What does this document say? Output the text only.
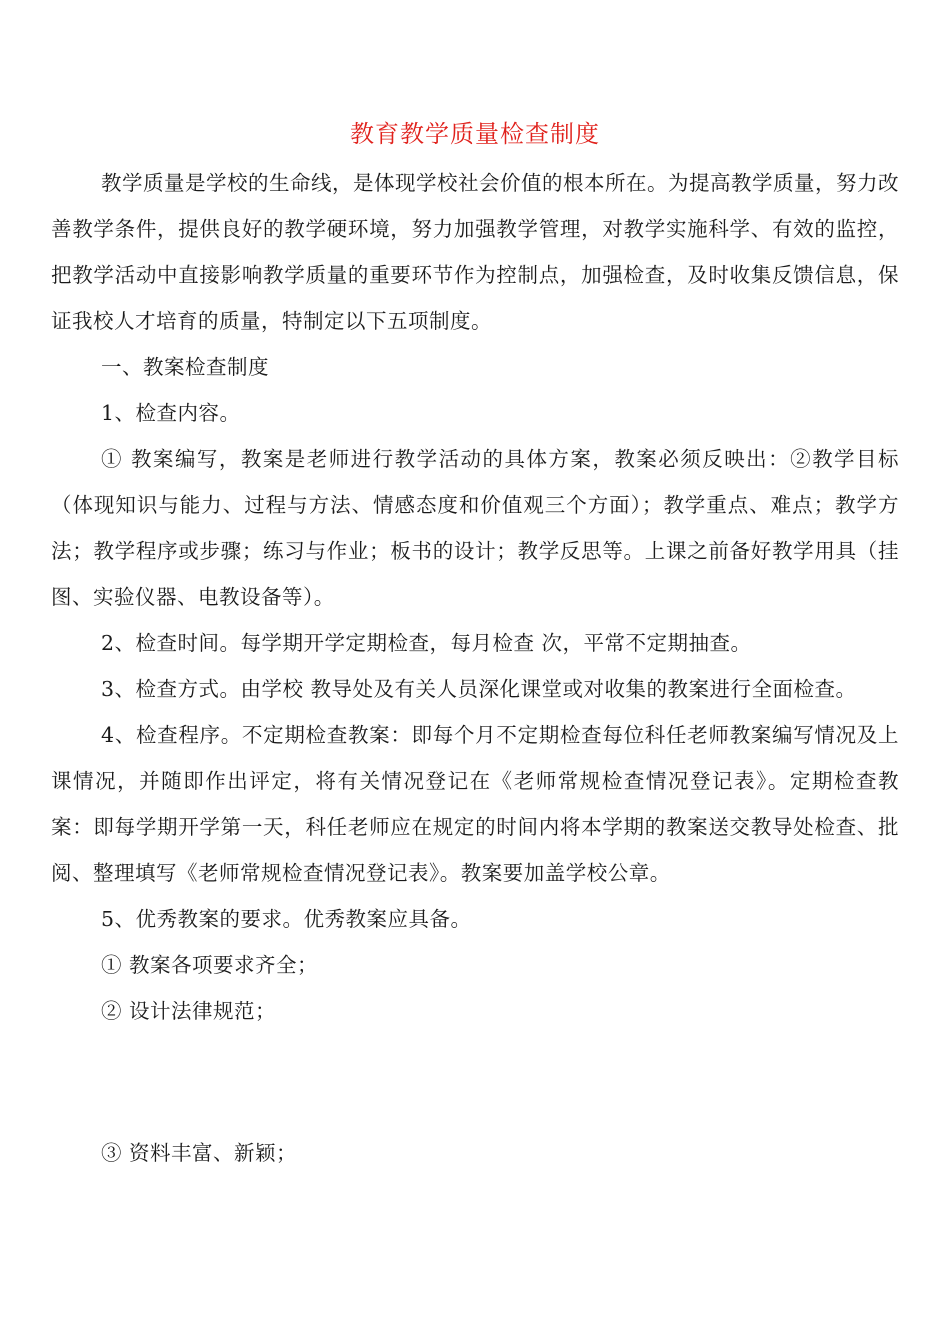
教育教学质量检查制度

教学质量是学校的生命线，是体现学校社会价值的根本所在。为提高教学质量，努力改善教学条件，提供良好的教学硬环境，努力加强教学管理，对教学实施科学、有效的监控，把教学活动中直接影响教学质量的重要环节作为控制点，加强检查，及时收集反馈信息，保证我校人才培育的质量，特制定以下五项制度。

一、教案检查制度

1、检查内容。

① 教案编写，教案是老师进行教学活动的具体方案，教案必须反映出：②教学目标（体现知识与能力、过程与方法、情感态度和价值观三个方面）；教学重点、难点；教学方法；教学程序或步骤；练习与作业；板书的设计；教学反思等。上课之前备好教学用具（挂图、实验仪器、电教设备等）。

2、检查时间。每学期开学定期检查，每月检查 次，平常不定期抽查。

3、检查方式。由学校 教导处及有关人员深化课堂或对收集的教案进行全面检查。

4、检查程序。不定期检查教案：即每个月不定期检查每位科任老师教案编写情况及上课情况，并随即作出评定，将有关情况登记在《老师常规检查情况登记表》。定期检查教案：即每学期开学第一天，科任老师应在规定的时间内将本学期的教案送交教导处检查、批阅、整理填写《老师常规检查情况登记表》。教案要加盖学校公章。

5、优秀教案的要求。优秀教案应具备。

① 教案各项要求齐全；

② 设计法律规范；

③ 资料丰富、新颖；
